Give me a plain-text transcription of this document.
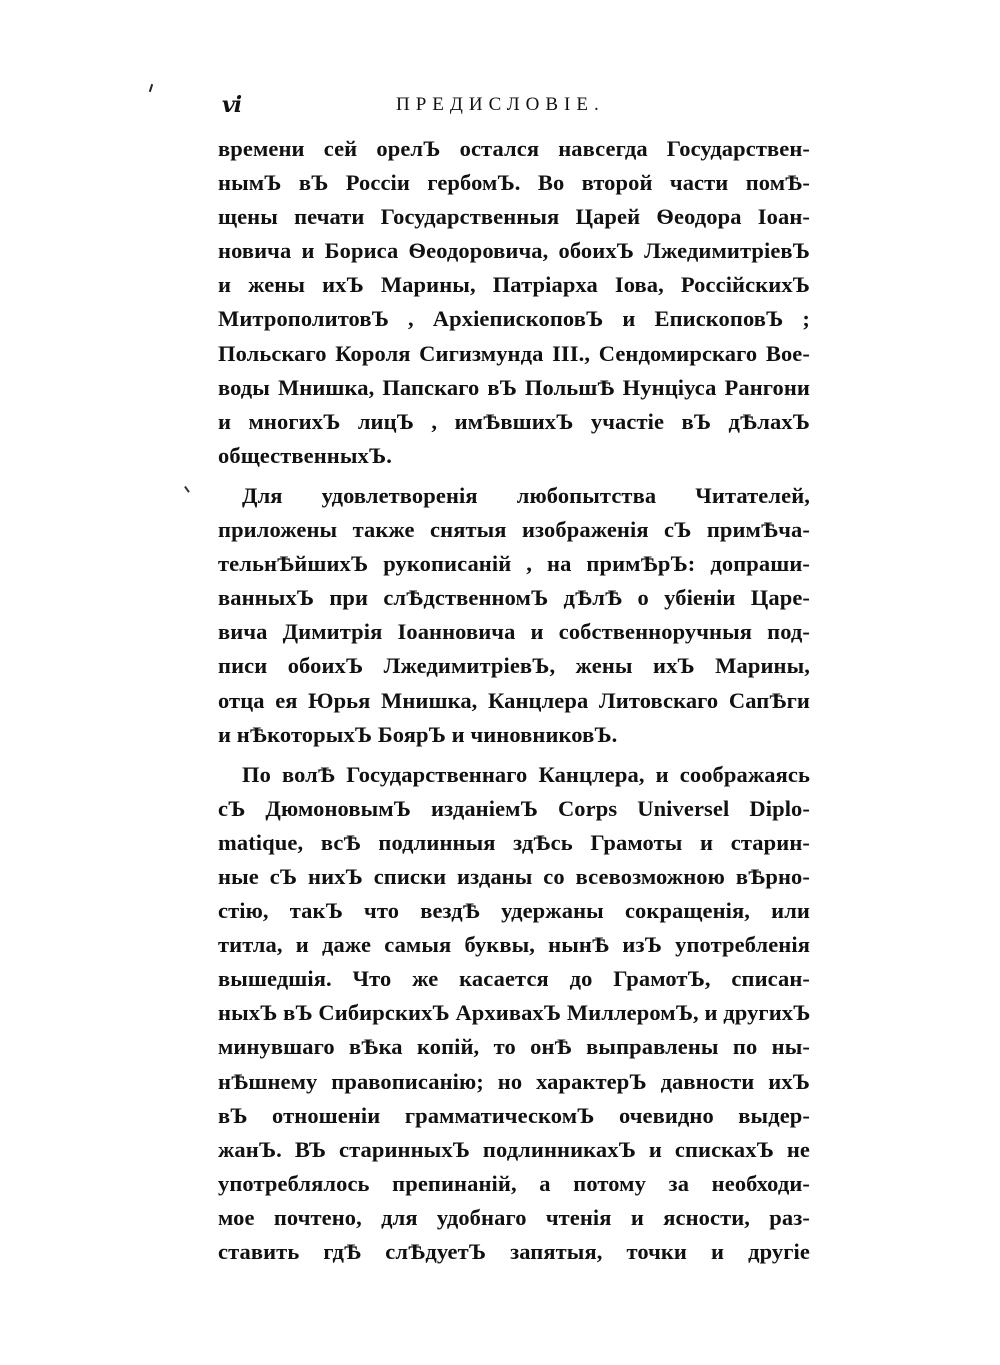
vi	ПРЕДИСЛОВІЕ.
времени сей орелЪ остался навсегда Государствен-
нымЪ вЪ Россіи гербомЪ. Во второй части помѢ-
щены печати Государственныя Царей Ѳеодора Іоан-
новича и Бориса Ѳеодоровича, обоихЪ ЛжедимитріевЪ
и жены ихЪ Марины, Патріарха Іова, РоссійскихЪ
МитрополитовЪ , АрхіепископовЪ и ЕпископовЪ ;
Польскаго Короля Сигизмунда III., Сендомирскаго Вое-
воды Мнишка, Папскаго вЪ ПольшѢ Нунціуса Рангони
и многихЪ лицЪ , имѢвшихЪ участіе вЪ дѢлахЪ
общественныхЪ.
Для удовлетворенія любопытства Читателей,
приложены также снятыя изображенія сЪ примѢча-
тельнѢйшихЪ рукописаній , на примѢрЪ: допраши-
ванныхЪ при слѢдственномЪ дѢлѢ о убіеніи Царе-
вича Димитрія Іоанновича и собственноручныя под-
писи обоихЪ ЛжедимитріевЪ, жены ихЪ Марины,
отца ея Юрья Мнишка, Канцлера Литовскаго СапѢги
и нѢкоторыхЪ БоярЪ и чиновниковЪ.
По волѢ Государственнаго Канцлера, и соображаясь
сЪ ДюмоновымЪ изданіемЪ Corps Universel Diplo-
matique, всѢ подлинныя здѢсь Грамоты и старин-
ные сЪ нихЪ списки изданы со всевозможною вѢрно-
стію, такЪ что вездѢ удержаны сокращенія, или
титла, и даже самыя буквы, нынѢ изЪ употребленія
вышедшія. Что же касается до ГрамотЪ, списан-
ныхЪ вЪ СибирскихЪ АрхивахЪ МиллеромЪ, и другихЪ
минувшаго вѢка копій, то онѢ выправлены по ны-
нѢшнему правописанію; но характерЪ давности ихЪ
вЪ отношеніи грамматическомЪ очевидно выдер-
жанЪ. ВЪ старинныхЪ подлинникахЪ и спискахЪ не
употреблялось препинаній, а потому за необходи-
мое почтено, для удобнаго чтенія и ясности, раз-
ставить гдѢ слѢдуетЪ запятыя, точки и другіе
